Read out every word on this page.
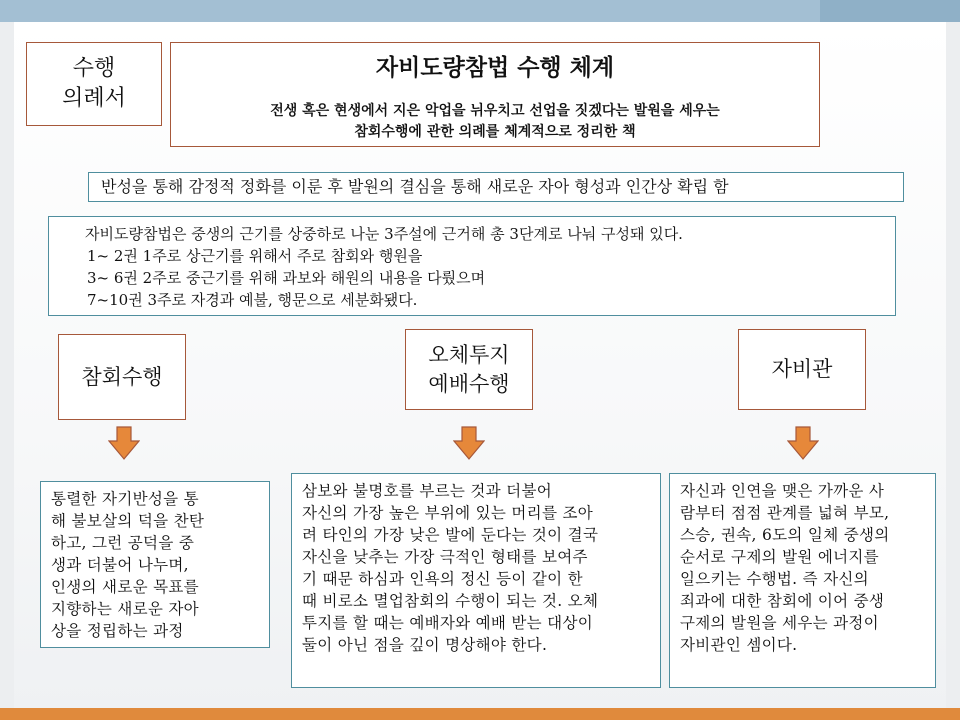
수행
의례서
자비도량참법 수행 체계
전생 혹은 현생에서 지은 악업을 뉘우치고 선업을 짓겠다는 발원을 세우는
참회수행에 관한 의례를 체계적으로 정리한 책
반성을 통해 감정적 정화를 이룬 후 발원의 결심을 통해 새로운 자아 형성과 인간상 확립 함
자비도량참법은 중생의 근기를 상중하로 나눈 3주설에 근거해 총 3단계로 나눠 구성돼 있다.
1~ 2권 1주로 상근기를 위해서 주로 참회와 행원을
3~ 6권 2주로 중근기를 위해 과보와 해원의 내용을 다뤘으며
7~10권 3주로 자경과 예불, 행문으로 세분화됐다.
참회수행
오체투지
예배수행
자비관
통렬한 자기반성을 통
해 불보살의 덕을 찬탄
하고, 그런 공덕을 중
생과 더불어 나누며,
인생의 새로운 목표를
지향하는 새로운 자아
상을 정립하는 과정
삼보와 불명호를 부르는 것과 더불어
자신의 가장 높은 부위에 있는 머리를 조아
려 타인의 가장 낮은 발에 둔다는 것이 결국
자신을 낮추는 가장 극적인 형태를 보여주
기 때문 하심과 인욕의 정신 등이 같이 한
때 비로소 멸업참회의 수행이 되는 것. 오체
투지를 할 때는 예배자와 예배 받는 대상이
둘이 아닌 점을 깊이 명상해야 한다.
자신과 인연을 맺은 가까운 사
람부터 점점 관계를 넓혀 부모,
스승, 권속, 6도의 일체 중생의
순서로 구제의 발원 에너지를
일으키는 수행법. 즉 자신의
죄과에 대한 참회에 이어 중생
구제의 발원을 세우는 과정이
자비관인 셈이다.
